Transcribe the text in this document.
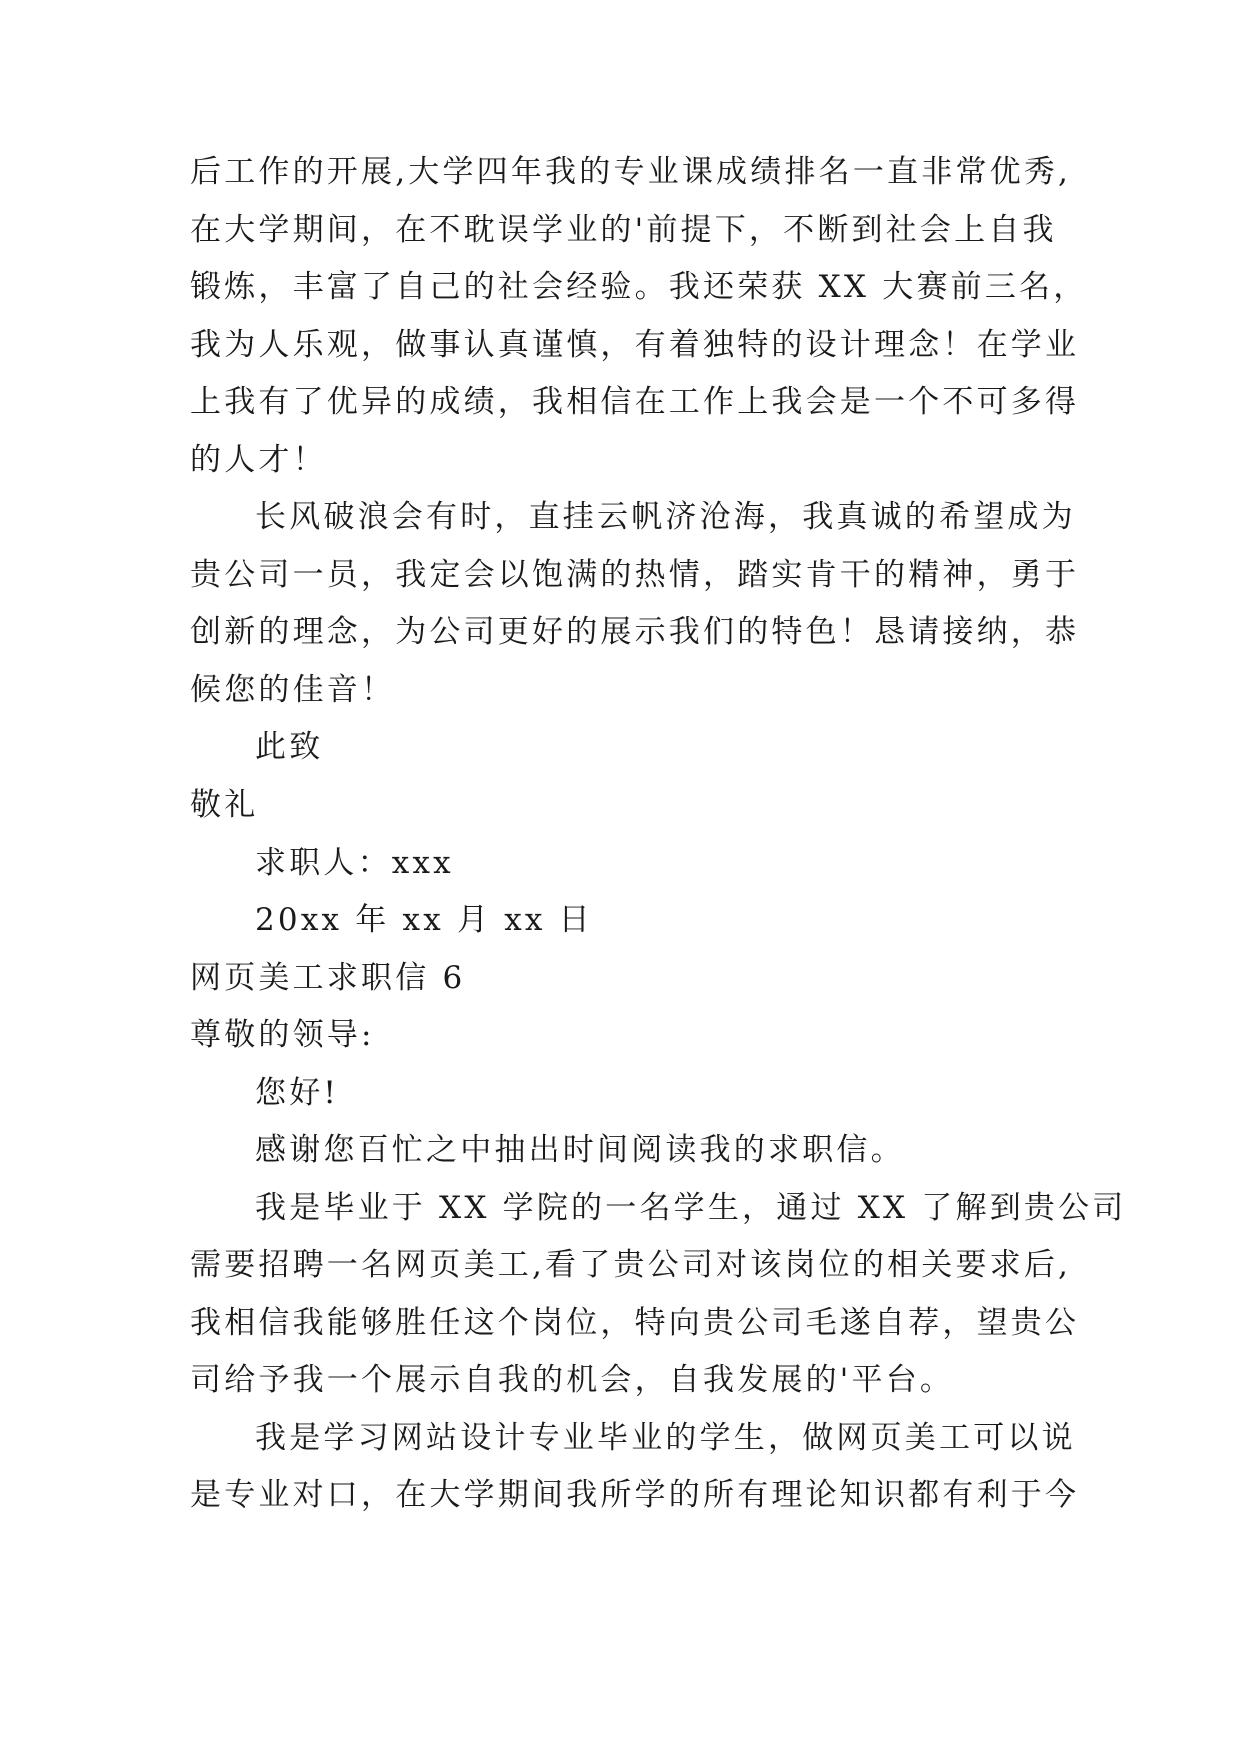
后工作的开展,大学四年我的专业课成绩排名一直非常优秀,
在大学期间，在不耽误学业的'前提下，不断到社会上自我
锻炼，丰富了自己的社会经验。我还荣获 XX 大赛前三名，
我为人乐观，做事认真谨慎，有着独特的设计理念！在学业
上我有了优异的成绩，我相信在工作上我会是一个不可多得
的人才！
长风破浪会有时，直挂云帆济沧海，我真诚的希望成为
贵公司一员，我定会以饱满的热情，踏实肯干的精神，勇于
创新的理念，为公司更好的展示我们的特色！恳请接纳，恭
候您的佳音！
此致
敬礼
求职人：xxx
20xx 年 xx 月 xx 日
网页美工求职信 6
尊敬的领导:
您好!
感谢您百忙之中抽出时间阅读我的求职信。
我是毕业于 XX 学院的一名学生，通过 XX 了解到贵公司
需要招聘一名网页美工,看了贵公司对该岗位的相关要求后,
我相信我能够胜任这个岗位，特向贵公司毛遂自荐，望贵公
司给予我一个展示自我的机会，自我发展的'平台。
我是学习网站设计专业毕业的学生，做网页美工可以说
是专业对口，在大学期间我所学的所有理论知识都有利于今
